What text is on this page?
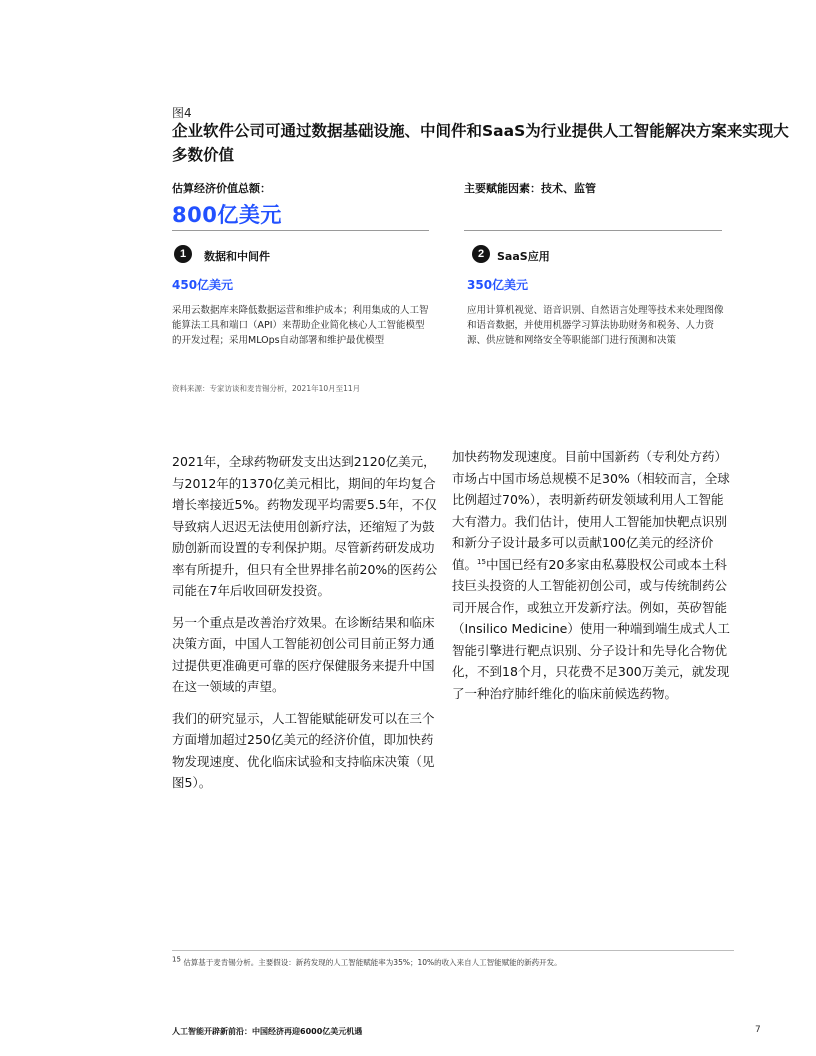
图4
企业软件公司可通过数据基础设施、中间件和SaaS为行业提供人工智能解决方案来实现大多数价值
估算经济价值总额：
800亿美元
主要赋能因素：技术、监管
1	数据和中间件
450亿美元
采用云数据库来降低数据运营和维护成本；利用集成的人工智能算法工具和端口（API）来帮助企业简化核心人工智能模型的开发过程；采用MLOps自动部署和维护最优模型
2	SaaS应用
350亿美元
应用计算机视觉、语音识别、自然语言处理等技术来处理图像和语音数据，并使用机器学习算法协助财务和税务、人力资源、供应链和网络安全等职能部门进行预测和决策
资料来源：专家访谈和麦肯锡分析，2021年10月至11月

2021年，全球药物研发支出达到2120亿美元，与2012年的1370亿美元相比，期间的年均复合增长率接近5%。药物发现平均需要5.5年，不仅导致病人迟迟无法使用创新疗法，还缩短了为鼓励创新而设置的专利保护期。尽管新药研发成功率有所提升，但只有全世界排名前20%的医药公司能在7年后收回研发投资。

另一个重点是改善治疗效果。在诊断结果和临床决策方面，中国人工智能初创公司目前正努力通过提供更准确更可靠的医疗保健服务来提升中国在这一领域的声望。

我们的研究显示，人工智能赋能研发可以在三个方面增加超过250亿美元的经济价值，即加快药物发现速度、优化临床试验和支持临床决策（见图5）。

加快药物发现速度。目前中国新药（专利处方药）市场占中国市场总规模不足30%（相较而言，全球比例超过70%），表明新药研发领域利用人工智能大有潜力。我们估计，使用人工智能加快靶点识别和新分子设计最多可以贡献100亿美元的经济价值。$^{15}$中国已经有20多家由私募股权公司或本土科技巨头投资的人工智能初创公司，或与传统制药公司开展合作，或独立开发新疗法。例如，英矽智能（Insilico Medicine）使用一种端到端生成式人工智能引擎进行靶点识别、分子设计和先导化合物优化，不到18个月，只花费不足300万美元，就发现了一种治疗肺纤维化的临床前候选药物。

$^{15}$ 估算基于麦肯锡分析。主要假设：新药发现的人工智能赋能率为35%；10%的收入来自人工智能赋能的新药开发。
人工智能开辟新前沿：中国经济再迎6000亿美元机遇	7
